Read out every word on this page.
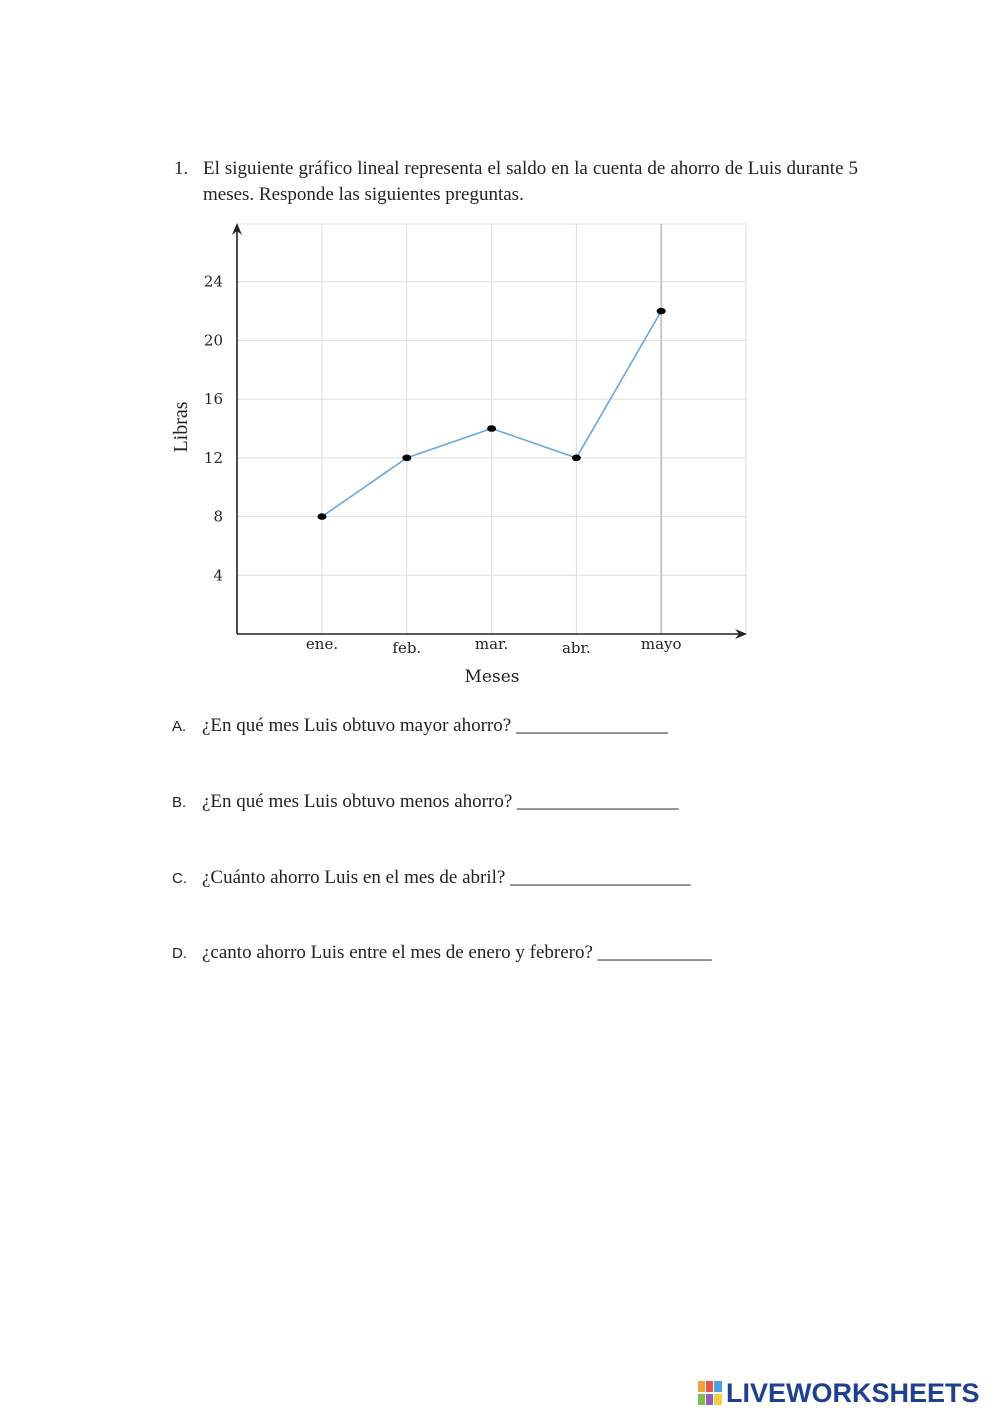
1. El siguiente gráfico lineal representa el saldo en la cuenta de ahorro de Luis durante 5 meses. Responde las siguientes preguntas.
4
8
12
16
20
24
ene.	feb.	mar.	abr.	mayo
Meses
Libras
A. ¿En qué mes Luis obtuvo mayor ahorro? ________________
B. ¿En qué mes Luis obtuvo menos ahorro? _________________
C. ¿Cuánto ahorro Luis en el mes de abril? ___________________
D. ¿canto ahorro Luis entre el mes de enero y febrero? ____________
LIVEWORKSHEETS
